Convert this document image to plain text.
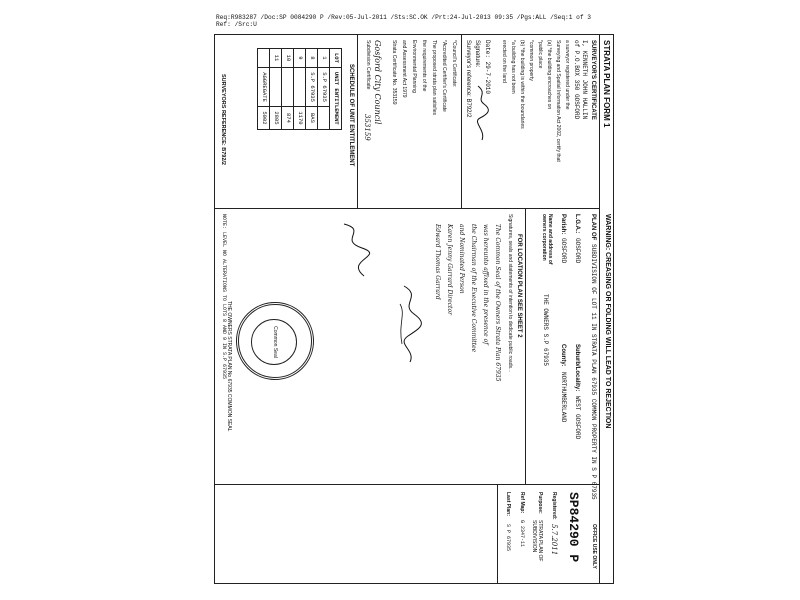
Req:R983287 /Doc:SP 0084290 P /Rev:05-Jul-2011 /Sts:SC.OK /Prt:24-Jul-2013 09:35 /Pgs:ALL /Seq:1 of 3
Ref: /Src:U
STRATA PLAN FORM 1
WARNING: CREASING OR FOLDING WILL LEAD TO REJECTION
SURVEYOR'S CERTIFICATE
I, KENNETH JOHN HALLIN
of P.O.BOX 350 GOSFORD
a surveyor registered under the
Surveying and Spatial Information Act 2002, certify that
(a) *the building encroaches on
*public place
*common property
(b) *the building is within the boundaries
*a building has not been
erected on the land
Date: 29-7-2010
Signature:
Surveyor's reference: B792/2
*Council's Certificate:
*Accredited Certifier's Certificate
The proposed strata plan satisfies
the requirements of the
Environmental Planning
and Assessment Act 1979
Strata Certificate No. 353159
Gosford City Council
Subdivision Certificate
353159
SCHEDULE OF UNIT ENTITLEMENT
LOT	UNIT ENTITLEMENT	
1	S.P 67935	
8	S.P 67935	BAS
9		1170
10		874
11		2805
	AGGREGATE	5002
SURVEYORS REFERENCE: B792/2
PLAN OF
SUBDIVISION OF LOT 11 IN STRATA PLAN 67935 COMMON PROPERTY IN S P 67935
L.G.A.:
GOSFORD
Suburb/Locality:
WEST GOSFORD
Parish:
GOSFORD
County:
NORTHUMBERLAND
Name and address of owners corporation
THE OWNERS S.P 67935
FOR LOCATION PLAN SEE SHEET 2
Signatures, seals and statements of intention to dedicate public roads...
The Common Seal of the Owners Strata Plan 67935
was hereunto affixed in the presence of
the Chairman of the Executive Committee
and Nominated Person
Karen Jenny Garrard Director
Edward Thomas Garrard
Common Seal
THE OWNERS STRATA PLAN No 67935 COMMON SEAL
NOTE: LEVEL NO ALTERATIONS TO LOTS 8 AND 9 IN S.P 67935
OFFICE USE ONLY
SP84290 P
Registered:
5.7.2011
Purpose:
STRATA PLAN OF SUBDIVISION
Ref Map:
G 2347-11
Last Plan:
S P 67935
